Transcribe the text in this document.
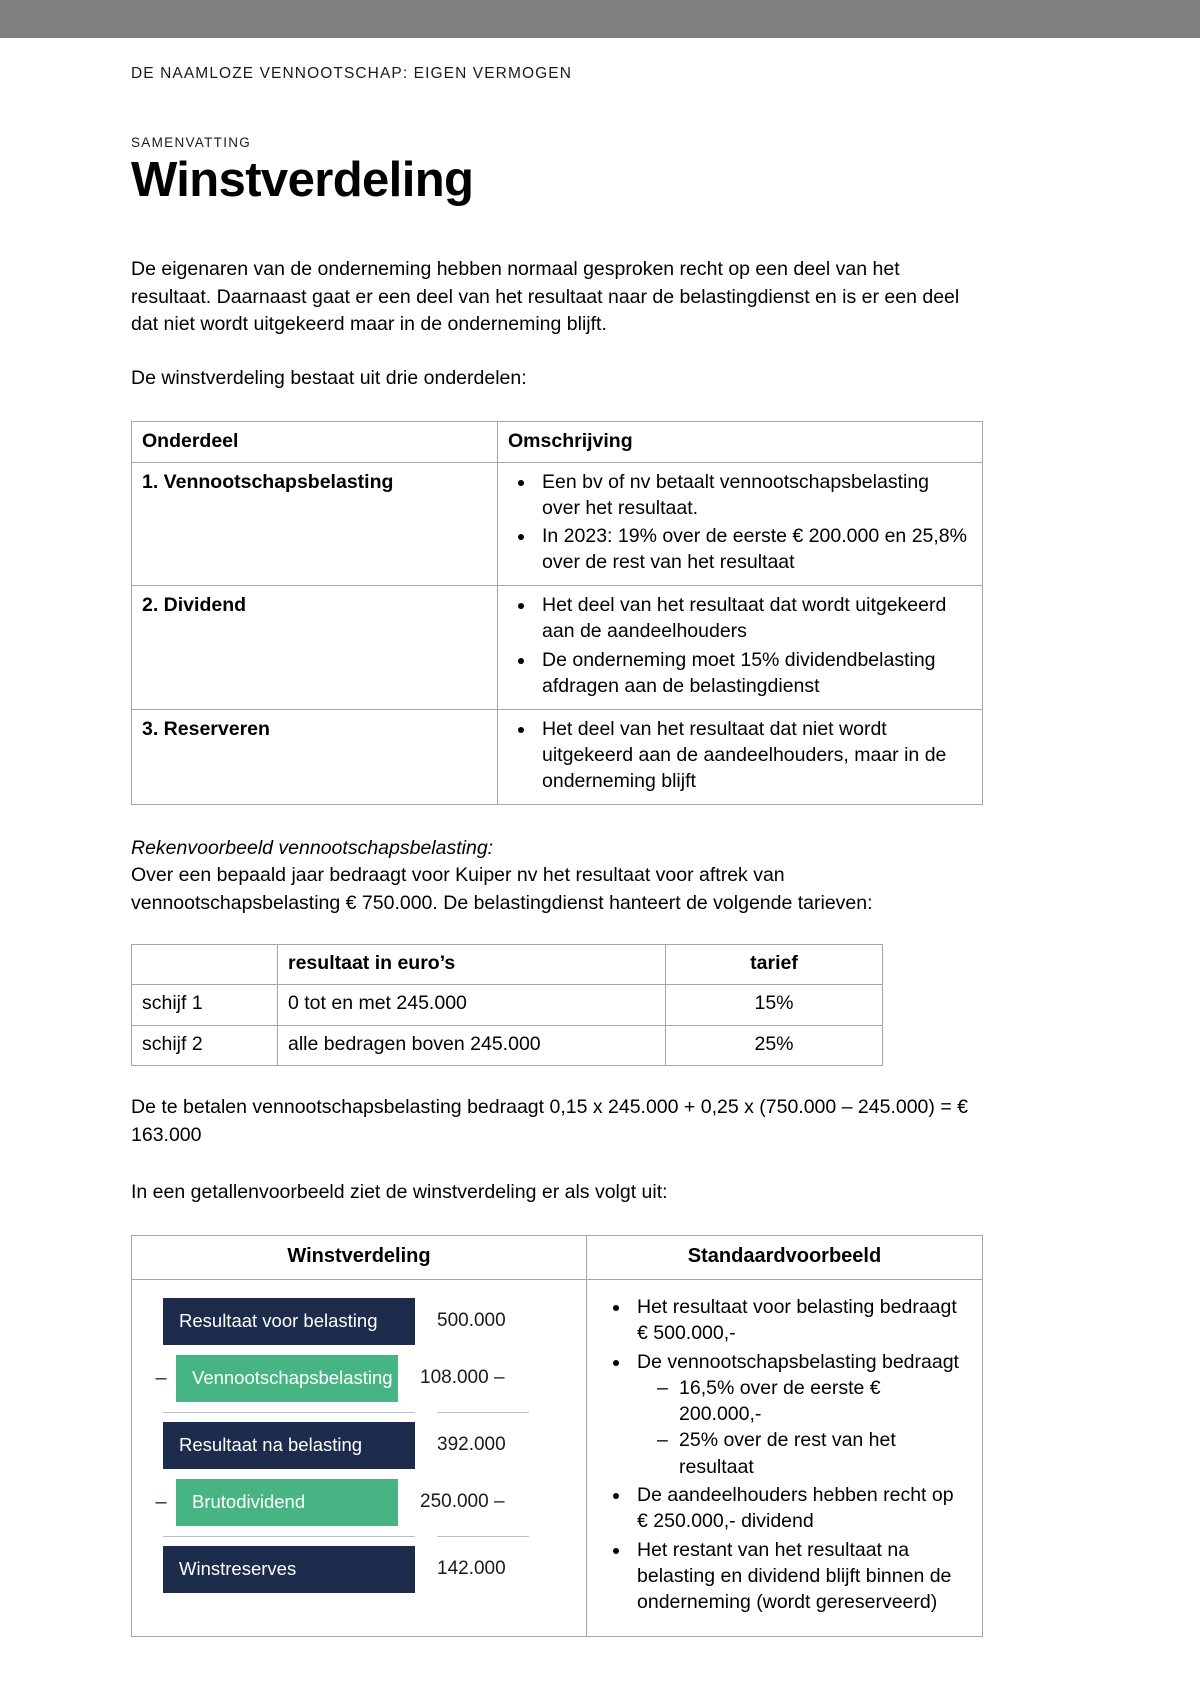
DE NAAMLOZE VENNOOTSCHAP: EIGEN VERMOGEN
SAMENVATTING
Winstverdeling

De eigenaren van de onderneming hebben normaal gesproken recht op een deel van het resultaat. Daarnaast gaat er een deel van het resultaat naar de belastingdienst en is er een deel dat niet wordt uitgekeerd maar in de onderneming blijft.

De winstverdeling bestaat uit drie onderdelen:

Onderdeel	Omschrijving
1. Vennootschapsbelasting	
•Een bv of nv betaalt vennootschapsbelasting over het resultaat.
• In 2023: 19% over de eerste € 200.000 en 25,8% over de rest van het resultaat

2. Dividend	
•Het deel van het resultaat dat wordt uitgekeerd aan de aandeelhouders
• De onderneming moet 15% dividendbelasting afdragen aan de belastingdienst

3. Reserveren	
•Het deel van het resultaat dat niet wordt uitgekeerd aan de aandeelhouders, maar in de onderneming blijft

Rekenvoorbeeld vennootschapsbelasting:

Over een bepaald jaar bedraagt voor Kuiper nv het resultaat voor aftrek van vennootschapsbelasting € 750.000. De belastingdienst hanteert de volgende tarieven:

	resultaat in euro’s	tarief
schijf 1	0 tot en met 245.000	15%
schijf 2	alle bedragen boven 245.000	25%

De te betalen vennootschapsbelasting bedraagt 0,15 x 245.000 + 0,25 x (750.000 – 245.000) = € 163.000

In een getallenvoorbeeld ziet de winstverdeling er als volgt uit:

Winstverdeling	Standaardvoorbeeld

Resultaat voor belasting	500.000
–	Vennootschapsbelasting 108.000 –
Resultaat na belasting	392.000
–	Brutodividend	250.000 –
Winstreserves	142.000

• Het resultaat voor belasting bedraagt € 500.000,-
• De vennootschapsbelasting bedraagt
– 16,5% over de eerste € 200.000,-
– 25% over de rest van het resultaat
• De aandeelhouders hebben recht op € 250.000,- dividend
• Het restant van het resultaat na belasting en dividend blijft binnen de onderneming (wordt gereserveerd)
